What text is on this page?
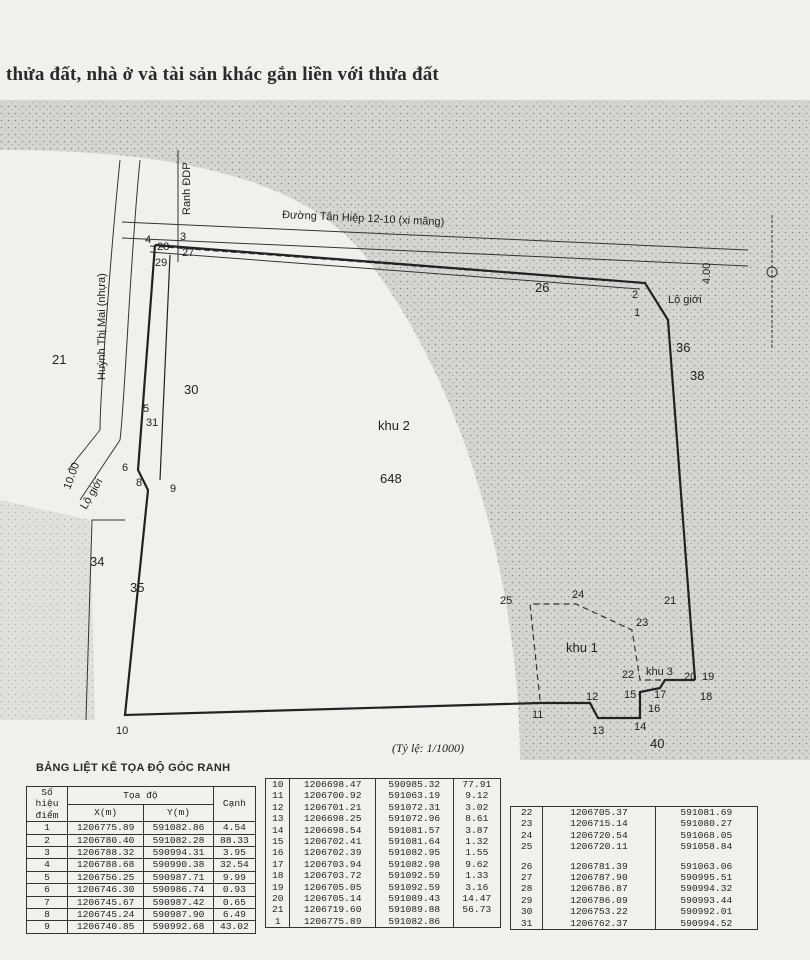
thửa đất, nhà ở và tài sản khác gắn liền với thửa đất
Đường Tân Hiệp 12-10 (xi măng)
Huỳnh Thị Mai (nhựa)
Ranh ĐDP
Lộ giới
4.00
Lộ giới
10.00
khu 2
648
khu 1
khu 3
(Tỷ lệ: 1/1000)
21
30
34
35
36
38
40
26
1
2
3
4
5
6
8	9
10
11
12
13	14
15
16
17	18
19
20
21
22
23
24
25
27
28
29
31
BẢNG LIỆT KÊ TỌA ĐỘ GÓC RANH
Số hiệu điểm	Tọa độ		Cạnh
	X(m)	Y(m)	
1	1206775.89	591082.86	4.54
2	1206780.40	591082.28	88.33
3	1206788.32	590994.31	3.95
4	1206788.68	590990.38	32.54
5	1206756.25	590987.71	9.99
6	1206746.30	590986.74	0.93
7	1206745.67	590987.42	0.65
8	1206745.24	590987.90	6.49
9	1206740.85	590992.68	43.02
10	1206698.47	590985.32	77.91
11	1206700.92	591063.19	9.12
12	1206701.21	591072.31	3.02
13	1206698.25	591072.96	8.61
14	1206698.54	591081.57	3.87
15	1206702.41	591081.64	1.32
16	1206702.39	591082.95	1.55
17	1206703.94	591082.98	9.62
18	1206703.72	591092.59	1.33
19	1206705.05	591092.59	3.16
20	1206705.14	591089.43	14.47
21	1206719.60	591089.88	56.73
1	1206775.89	591082.86	
22	1206705.37	591081.69
23	1206715.14	591080.27
24	1206720.54	591068.05
25	1206720.11	591058.84

26	1206781.39	591063.06
27	1206787.90	590995.51
28	1206786.87	590994.32
29	1206786.09	590993.44
30	1206753.22	590992.01
31	1206762.37	590994.52
